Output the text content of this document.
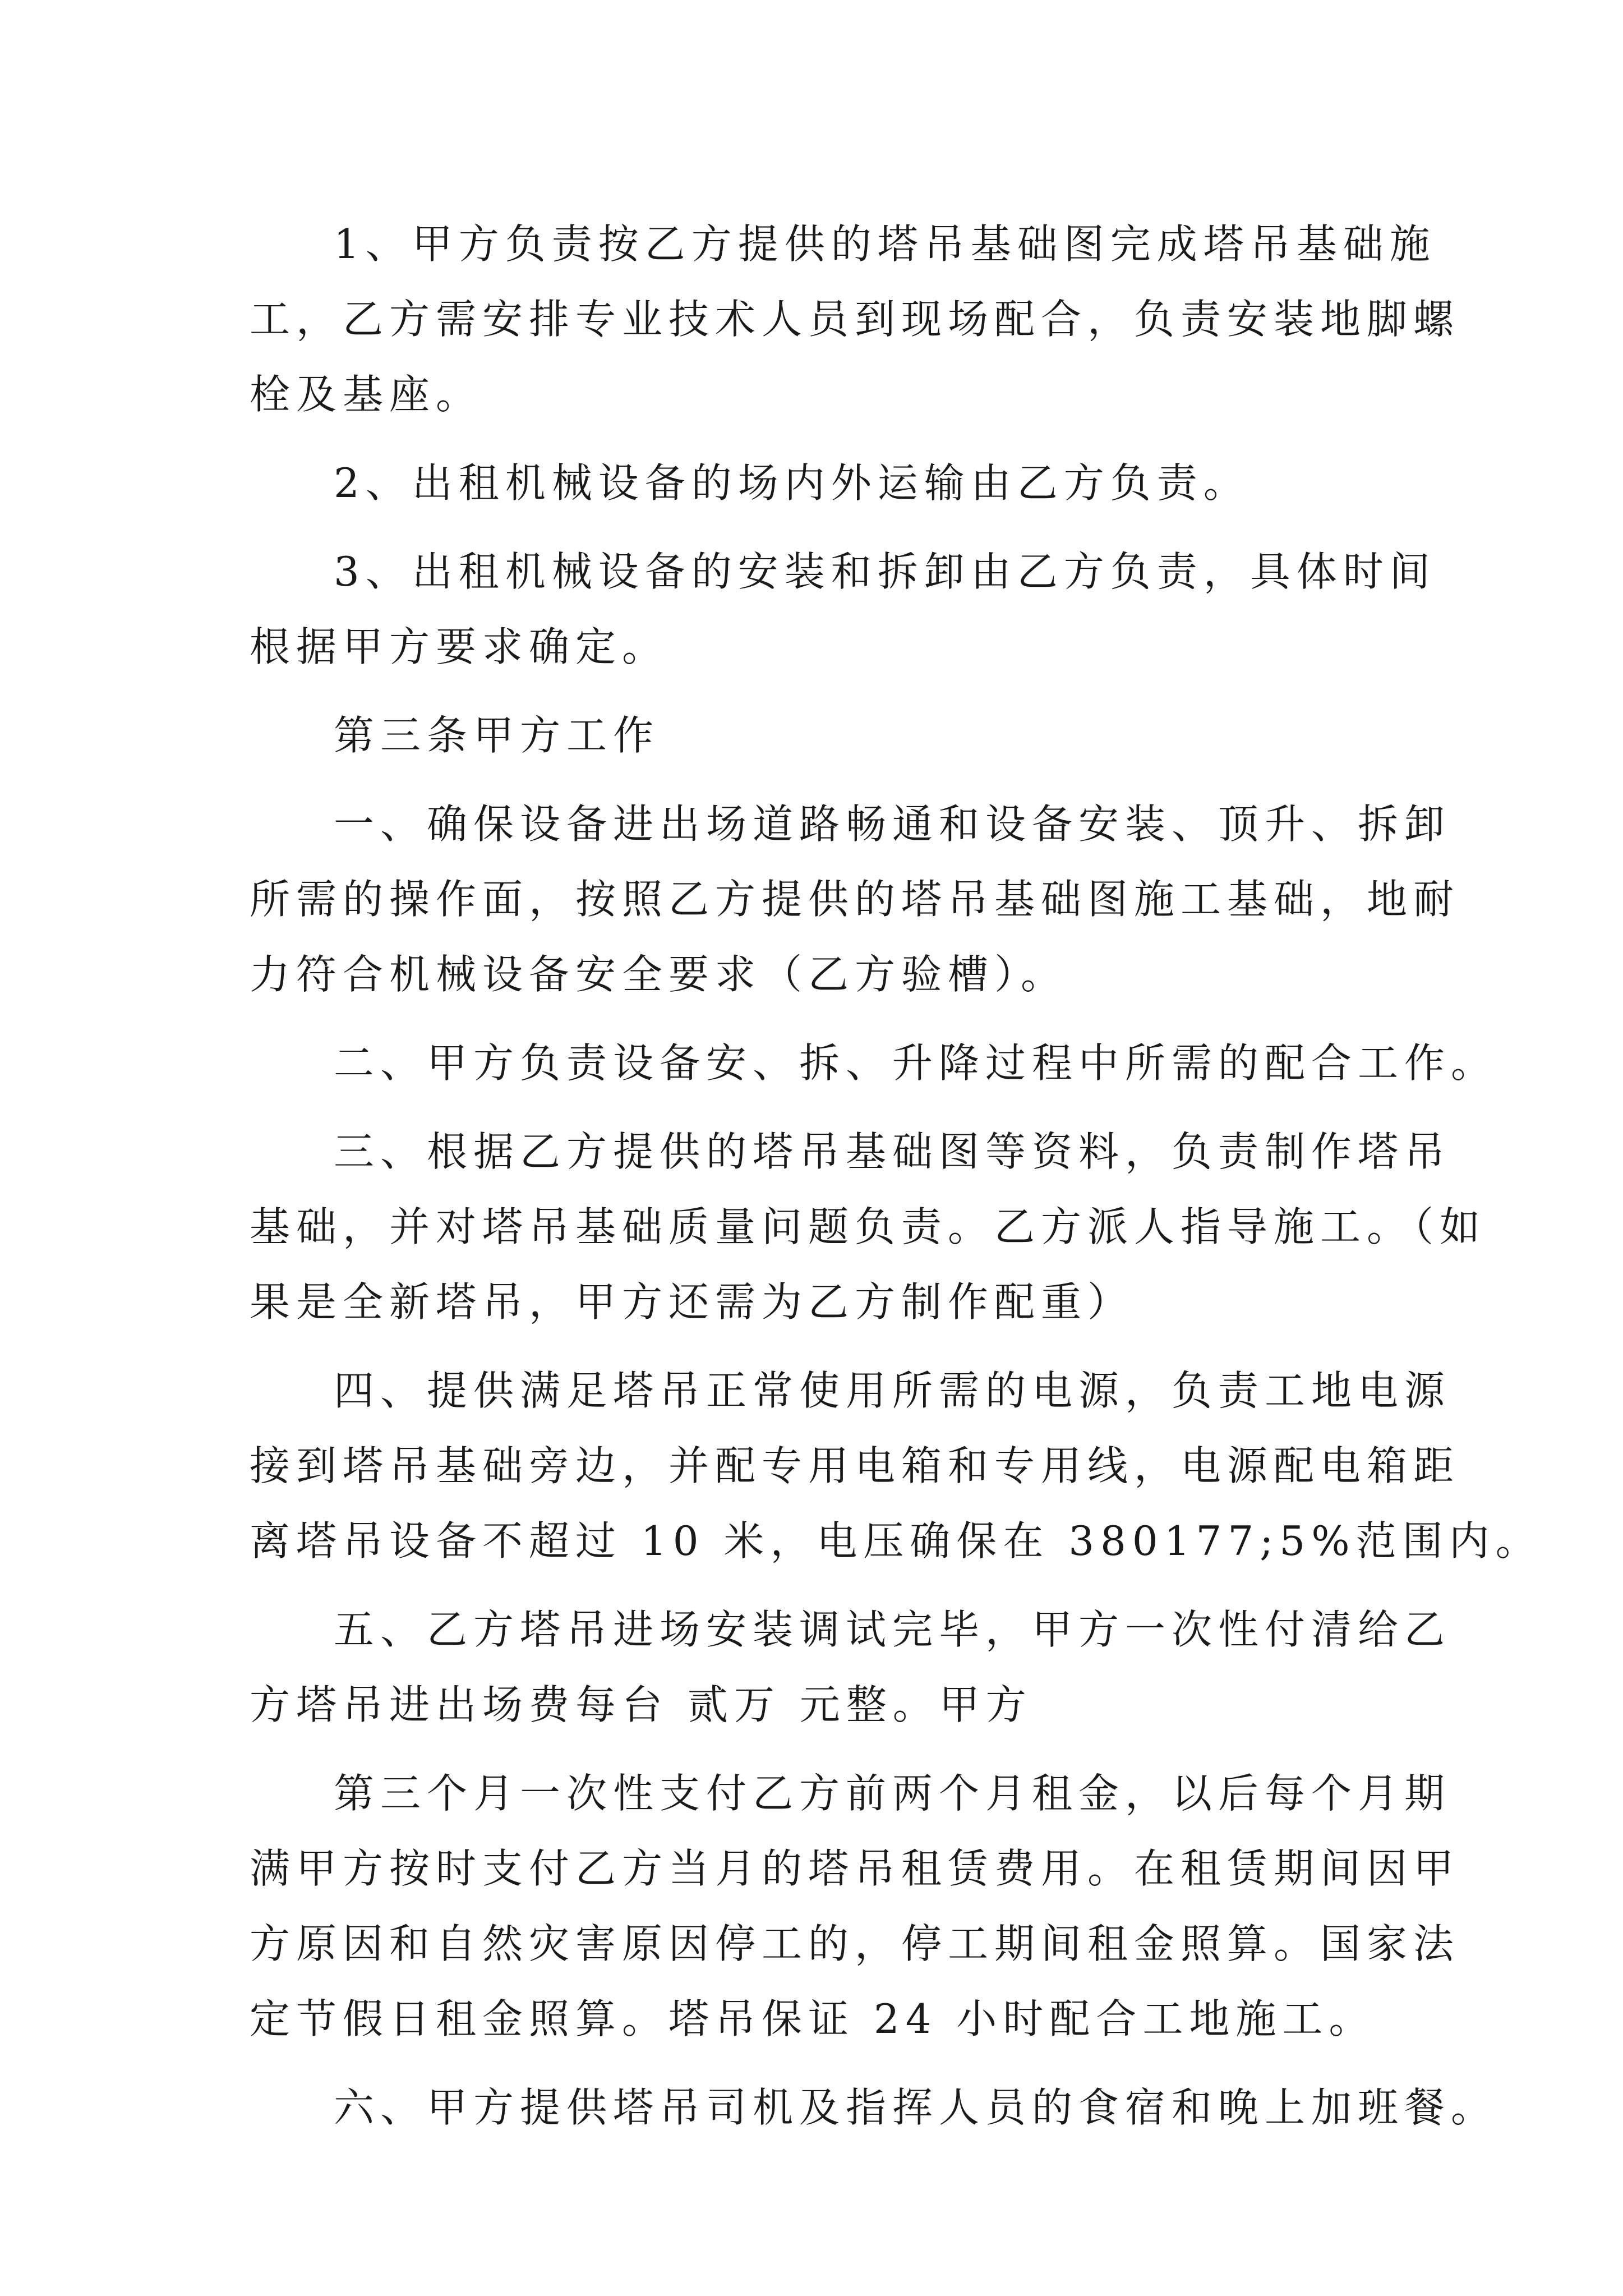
1、甲方负责按乙方提供的塔吊基础图完成塔吊基础施
工，乙方需安排专业技术人员到现场配合，负责安装地脚螺
栓及基座。
2、出租机械设备的场内外运输由乙方负责。
3、出租机械设备的安装和拆卸由乙方负责，具体时间
根据甲方要求确定。
第三条甲方工作
一、确保设备进出场道路畅通和设备安装、顶升、拆卸
所需的操作面，按照乙方提供的塔吊基础图施工基础，地耐
力符合机械设备安全要求（乙方验槽）。
二、甲方负责设备安、拆、升降过程中所需的配合工作。
三、根据乙方提供的塔吊基础图等资料，负责制作塔吊
基础，并对塔吊基础质量问题负责。乙方派人指导施工。（如
果是全新塔吊，甲方还需为乙方制作配重）
四、提供满足塔吊正常使用所需的电源，负责工地电源
接到塔吊基础旁边，并配专用电箱和专用线，电源配电箱距
离塔吊设备不超过 10 米，电压确保在 380177;5%范围内。
五、乙方塔吊进场安装调试完毕，甲方一次性付清给乙
方塔吊进出场费每台 贰万 元整。甲方
第三个月一次性支付乙方前两个月租金，以后每个月期
满甲方按时支付乙方当月的塔吊租赁费用。在租赁期间因甲
方原因和自然灾害原因停工的，停工期间租金照算。国家法
定节假日租金照算。塔吊保证 24 小时配合工地施工。
六、甲方提供塔吊司机及指挥人员的食宿和晚上加班餐。
